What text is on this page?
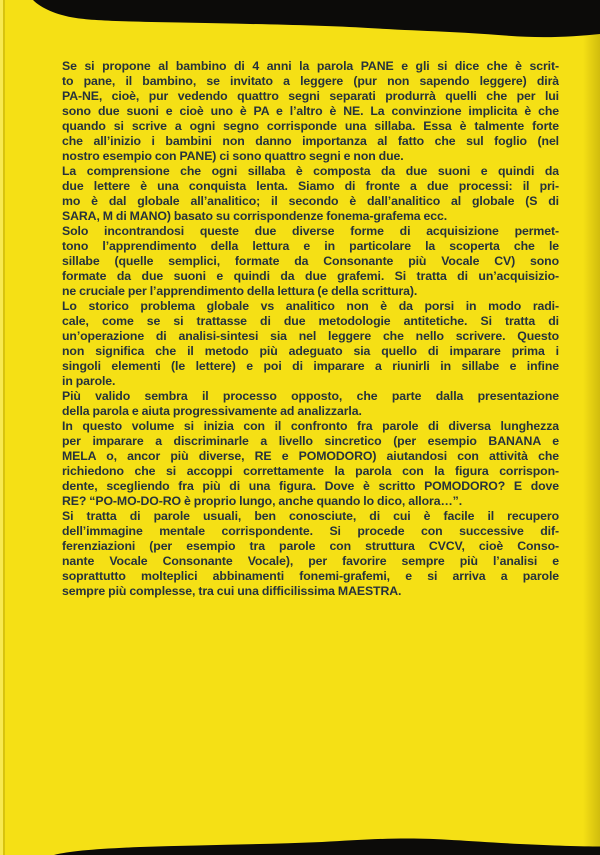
Se si propone al bambino di 4 anni la parola PANE e gli si dice che è scrit-
to pane, il bambino, se invitato a leggere (pur non sapendo leggere) dirà
PA-NE, cioè, pur vedendo quattro segni separati produrrà quelli che per lui
sono due suoni e cioè uno è PA e l’altro è NE. La convinzione implicita è che
quando si scrive a ogni segno corrisponde una sillaba. Essa è talmente forte
che all’inizio i bambini non danno importanza al fatto che sul foglio (nel
nostro esempio con PANE) ci sono quattro segni e non due.
La comprensione che ogni sillaba è composta da due suoni e quindi da
due lettere è una conquista lenta. Siamo di fronte a due processi: il pri-
mo è dal globale all’analitico; il secondo è dall’analitico al globale (S di
SARA, M di MANO) basato su corrispondenze fonema-grafema ecc.
Solo incontrandosi queste due diverse forme di acquisizione permet-
tono l’apprendimento della lettura e in particolare la scoperta che le
sillabe (quelle semplici, formate da Consonante più Vocale CV) sono
formate da due suoni e quindi da due grafemi. Si tratta di un’acquisizio-
ne cruciale per l’apprendimento della lettura (e della scrittura).
Lo storico problema globale vs analitico non è da porsi in modo radi-
cale, come se si trattasse di due metodologie antitetiche. Si tratta di
un’operazione di analisi-sintesi sia nel leggere che nello scrivere. Questo
non significa che il metodo più adeguato sia quello di imparare prima i
singoli elementi (le lettere) e poi di imparare a riunirli in sillabe e infine
in parole.
Più valido sembra il processo opposto, che parte dalla presentazione
della parola e aiuta progressivamente ad analizzarla.
In questo volume si inizia con il confronto fra parole di diversa lunghezza
per imparare a discriminarle a livello sincretico (per esempio BANANA e
MELA o, ancor più diverse, RE e POMODORO) aiutandosi con attività che
richiedono che si accoppi correttamente la parola con la figura corrispon-
dente, scegliendo fra più di una figura. Dove è scritto POMODORO? E dove
RE? “PO-MO-DO-RO è proprio lungo, anche quando lo dico, allora…”.
Si tratta di parole usuali, ben conosciute, di cui è facile il recupero
dell’immagine mentale corrispondente. Si procede con successive dif-
ferenziazioni (per esempio tra parole con struttura CVCV, cioè Conso-
nante Vocale Consonante Vocale), per favorire sempre più l’analisi e
soprattutto molteplici abbinamenti fonemi-grafemi, e si arriva a parole
sempre più complesse, tra cui una difficilissima MAESTRA.
